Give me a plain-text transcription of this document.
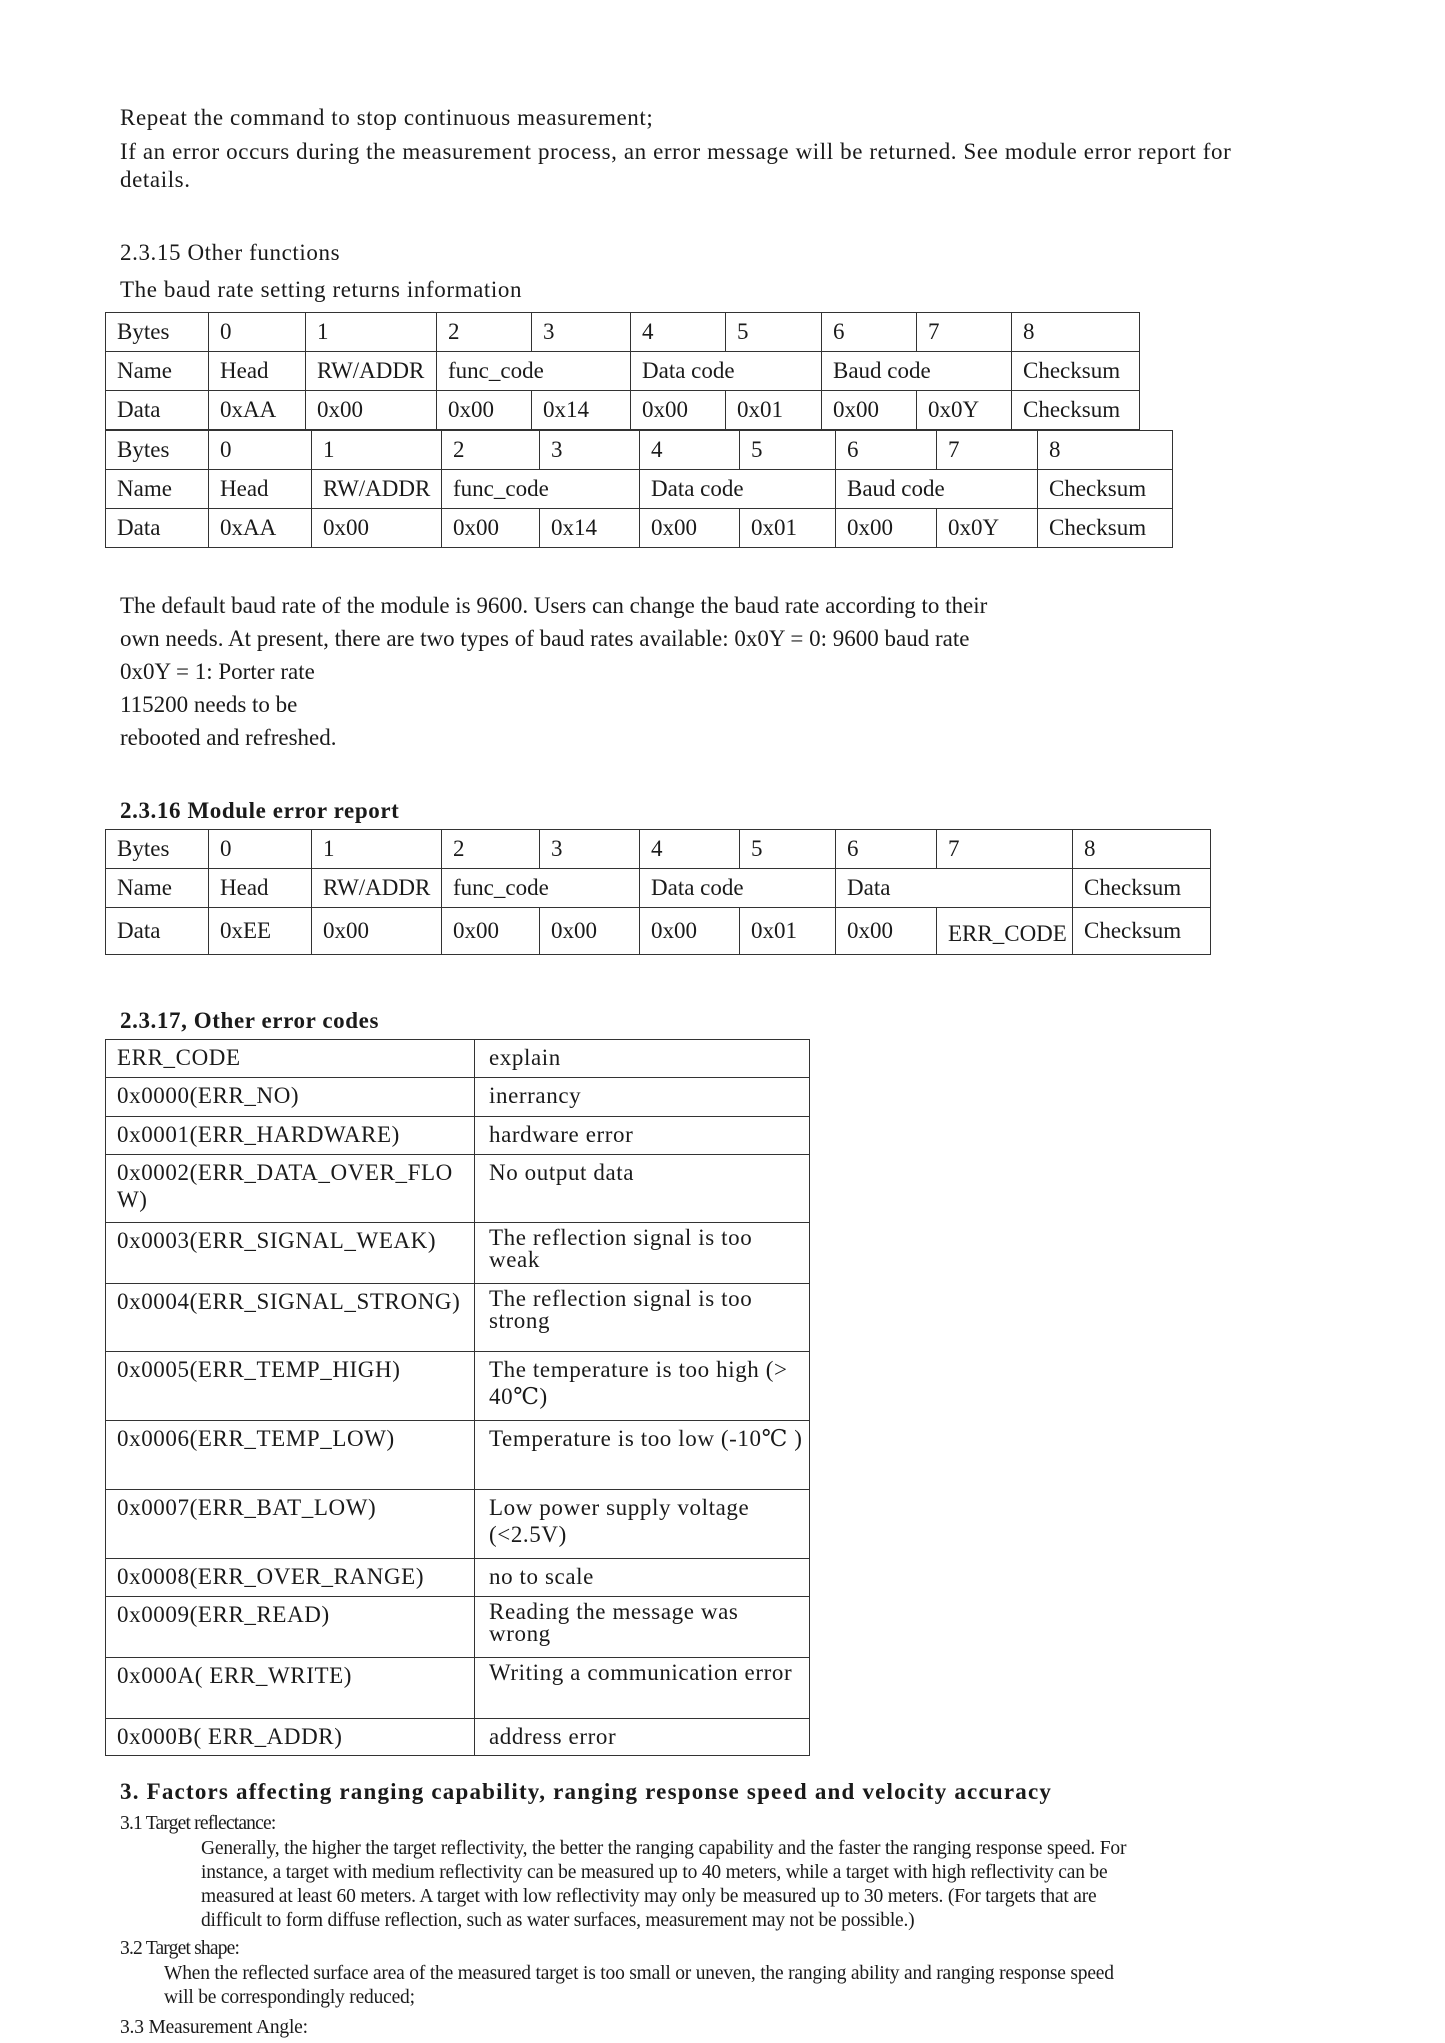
Repeat the command to stop continuous measurement;
If an error occurs during the measurement process, an error message will be returned. See module error report for details.
2.3.15 Other functions
The baud rate setting returns information
Bytes	0	1	2	3	4	5	6	7	8
Name	Head	RW/ADDR	func_code		Data code		Baud code		Checksum
Data	0xAA	0x00	0x00	0x14	0x00	0x01	0x00	0x0Y	Checksum
Bytes	0	1	2	3	4	5	6	7	8
Name	Head	RW/ADDR	func_code		Data code		Baud code		Checksum
Data	0xAA	0x00	0x00	0x14	0x00	0x01	0x00	0x0Y	Checksum
The default baud rate of the module is 9600. Users can change the baud rate according to their
own needs. At present, there are two types of baud rates available: 0x0Y = 0: 9600 baud rate
0x0Y = 1: Porter rate
115200 needs to be
rebooted and refreshed.
2.3.16 Module error report
Bytes	0	1	2	3	4	5	6	7	8
Name	Head	RW/ADDR	func_code		Data code		Data		Checksum
Data	0xEE	0x00	0x00	0x00	0x00	0x01	0x00	ERR_CODE	Checksum
2.3.17, Other error codes
ERR_CODE	explain
0x0000(ERR_NO)	inerrancy
0x0001(ERR_HARDWARE)	hardware error
0x0002(ERR_DATA_OVER_FLOW)	No output data
0x0003(ERR_SIGNAL_WEAK)	The reflection signal is too weak
0x0004(ERR_SIGNAL_STRONG)	The reflection signal is too strong
0x0005(ERR_TEMP_HIGH)	The temperature is too high (> 40℃)
0x0006(ERR_TEMP_LOW)	Temperature is too low (-10℃ )
0x0007(ERR_BAT_LOW)	Low power supply voltage (<2.5V)
0x0008(ERR_OVER_RANGE)	no to scale
0x0009(ERR_READ)	Reading the message was wrong
0x000A( ERR_WRITE)	Writing a communication error
0x000B( ERR_ADDR)	address error
3. Factors affecting ranging capability, ranging response speed and velocity accuracy
3.1 Target reflectance:
Generally, the higher the target reflectivity, the better the ranging capability and the faster the ranging response speed. For
instance, a target with medium reflectivity can be measured up to 40 meters, while a target with high reflectivity can be
measured at least 60 meters. A target with low reflectivity may only be measured up to 30 meters. (For targets that are
difficult to form diffuse reflection, such as water surfaces, measurement may not be possible.)
3.2 Target shape:
When the reflected surface area of the measured target is too small or uneven, the ranging ability and ranging response speed
will be correspondingly reduced;
3.3 Measurement Angle:
